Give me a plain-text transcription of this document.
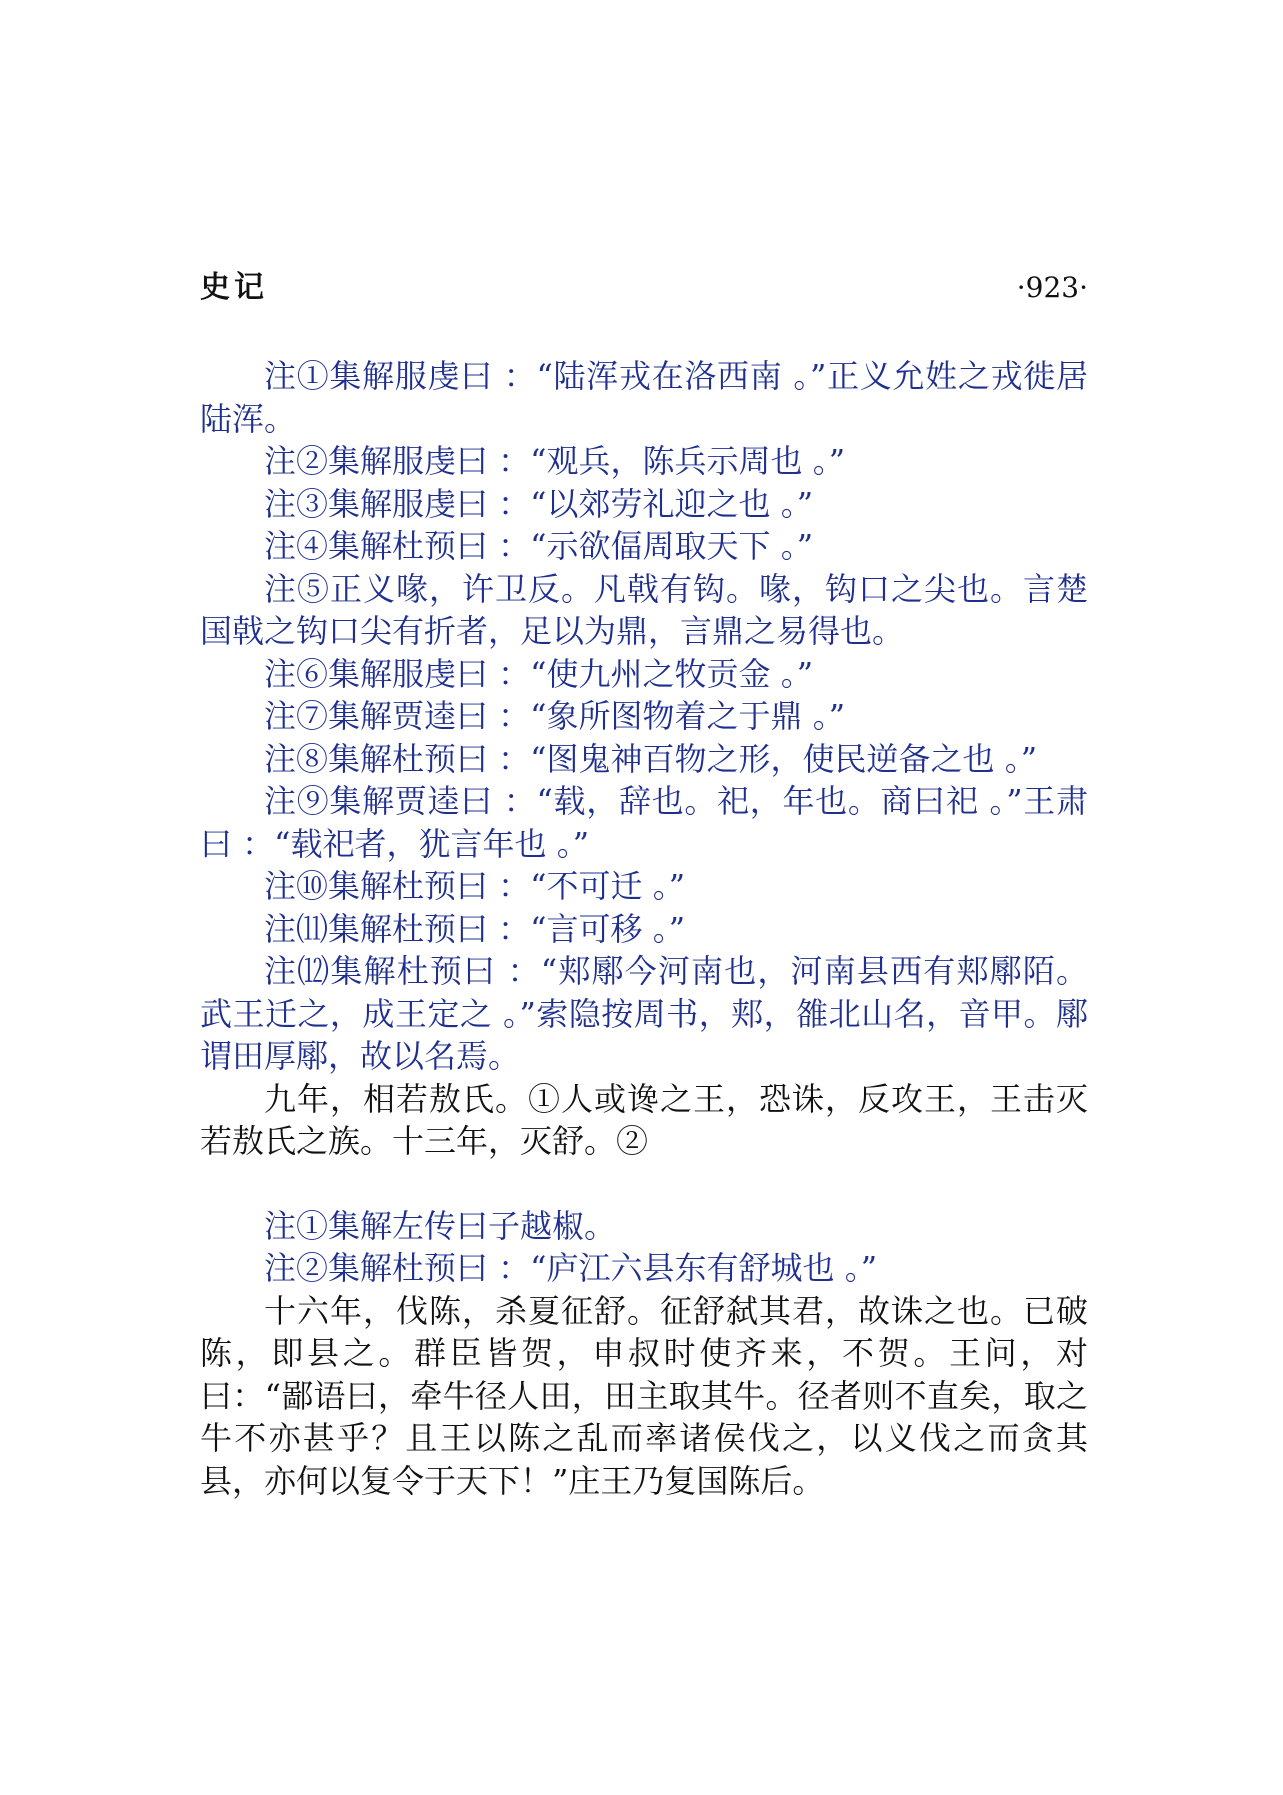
史记	·923·

注①集解服虔曰 ：“陆浑戎在洛西南 。”正义允姓之戎徙居陆浑。

注②集解服虔曰 ：“观兵，陈兵示周也 。”

注③集解服虔曰 ：“以郊劳礼迎之也 。”

注④集解杜预曰 ：“示欲偪周取天下 。”

注⑤正义喙，许卫反。凡戟有钩。喙，钩口之尖也。言楚国戟之钩口尖有折者，足以为鼎，言鼎之易得也。

注⑥集解服虔曰 ：“使九州之牧贡金 。”

注⑦集解贾逵曰 ：“象所图物着之于鼎 。”

注⑧集解杜预曰 ：“图鬼神百物之形，使民逆备之也 。”

注⑨集解贾逵曰 ：“载，辞也。祀，年也。商曰祀 。”王肃曰 ：“载祀者，犹言年也 。”

注⑩集解杜预曰 ：“不可迁 。”

注⑾集解杜预曰 ：“言可移 。”

注⑿集解杜预曰 ：“郏鄏今河南也，河南县西有郏鄏陌。武王迁之，成王定之 。”索隐按周书，郏，雒北山名，音甲。鄏谓田厚鄏，故以名焉。

九年，相若敖氏。①人或谗之王，恐诛，反攻王，王击灭若敖氏之族。十三年，灭舒。②

注①集解左传曰子越椒。

注②集解杜预曰 ：“庐江六县东有舒城也 。”

十六年，伐陈，杀夏征舒。征舒弑其君，故诛之也。已破陈，即县之。群臣皆贺，申叔时使齐来，不贺。王问，对曰：“鄙语曰，牵牛径人田，田主取其牛。径者则不直矣，取之牛不亦甚乎？且王以陈之乱而率诸侯伐之，以义伐之而贪其县，亦何以复令于天下！”庄王乃复国陈后。
